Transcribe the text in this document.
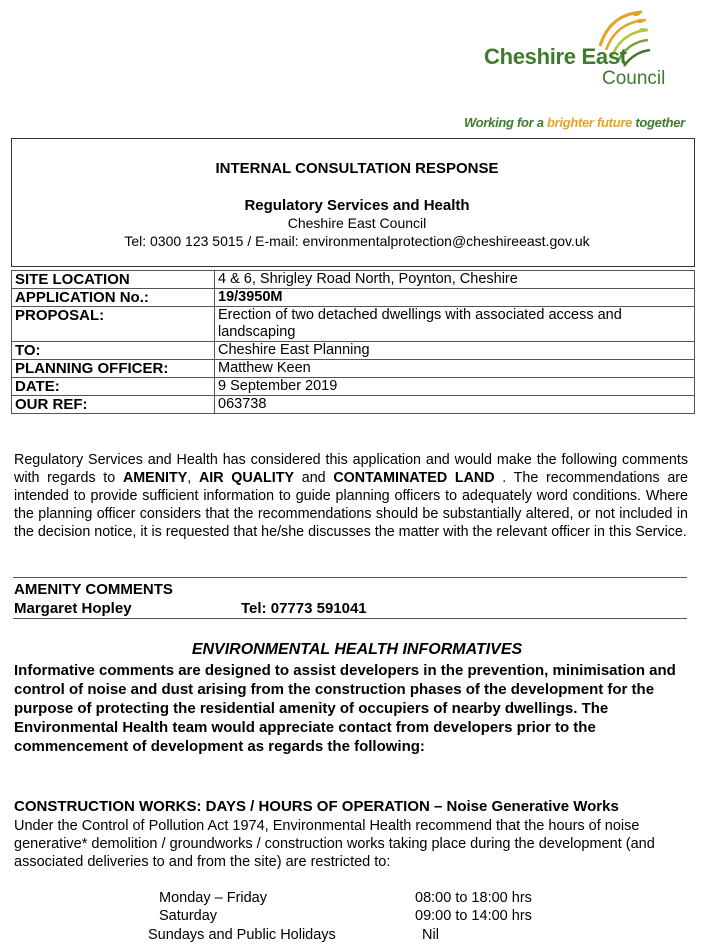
Cheshire East
Council
Working for a brighter future together
INTERNAL CONSULTATION RESPONSE
Regulatory Services and Health
Cheshire East Council
Tel: 0300 123 5015 / E-mail: environmentalprotection@cheshireeast.gov.uk
SITE LOCATION	4 & 6, Shrigley Road North, Poynton, Cheshire
APPLICATION No.:	19/3950M
PROPOSAL:	Erection of two detached dwellings with associated access and landscaping
TO:	Cheshire East Planning
PLANNING OFFICER:	Matthew Keen
DATE:	9 September 2019
OUR REF:	063738
Regulatory Services and Health has considered this application and would make the following comments with regards to AMENITY, AIR QUALITY and CONTAMINATED LAND . The recommendations are intended to provide sufficient information to guide planning officers to adequately word conditions. Where the planning officer considers that the recommendations should be substantially altered, or not included in the decision notice, it is requested that he/she discusses the matter with the relevant officer in this Service.
AMENITY COMMENTS
Margaret Hopley	Tel: 07773 591041
ENVIRONMENTAL HEALTH INFORMATIVES
Informative comments are designed to assist developers in the prevention, minimisation and control of noise and dust arising from the construction phases of the development for the purpose of protecting the residential amenity of occupiers of nearby dwellings. The Environmental Health team would appreciate contact from developers prior to the commencement of development as regards the following:
CONSTRUCTION WORKS: DAYS / HOURS OF OPERATION – Noise Generative Works
Under the Control of Pollution Act 1974, Environmental Health recommend that the hours of noise generative* demolition / groundworks / construction works taking place during the development (and associated deliveries to and from the site) are restricted to:
Monday – Friday	08:00 to 18:00 hrs
Saturday	09:00 to 14:00 hrs
Sundays and Public Holidays	Nil
